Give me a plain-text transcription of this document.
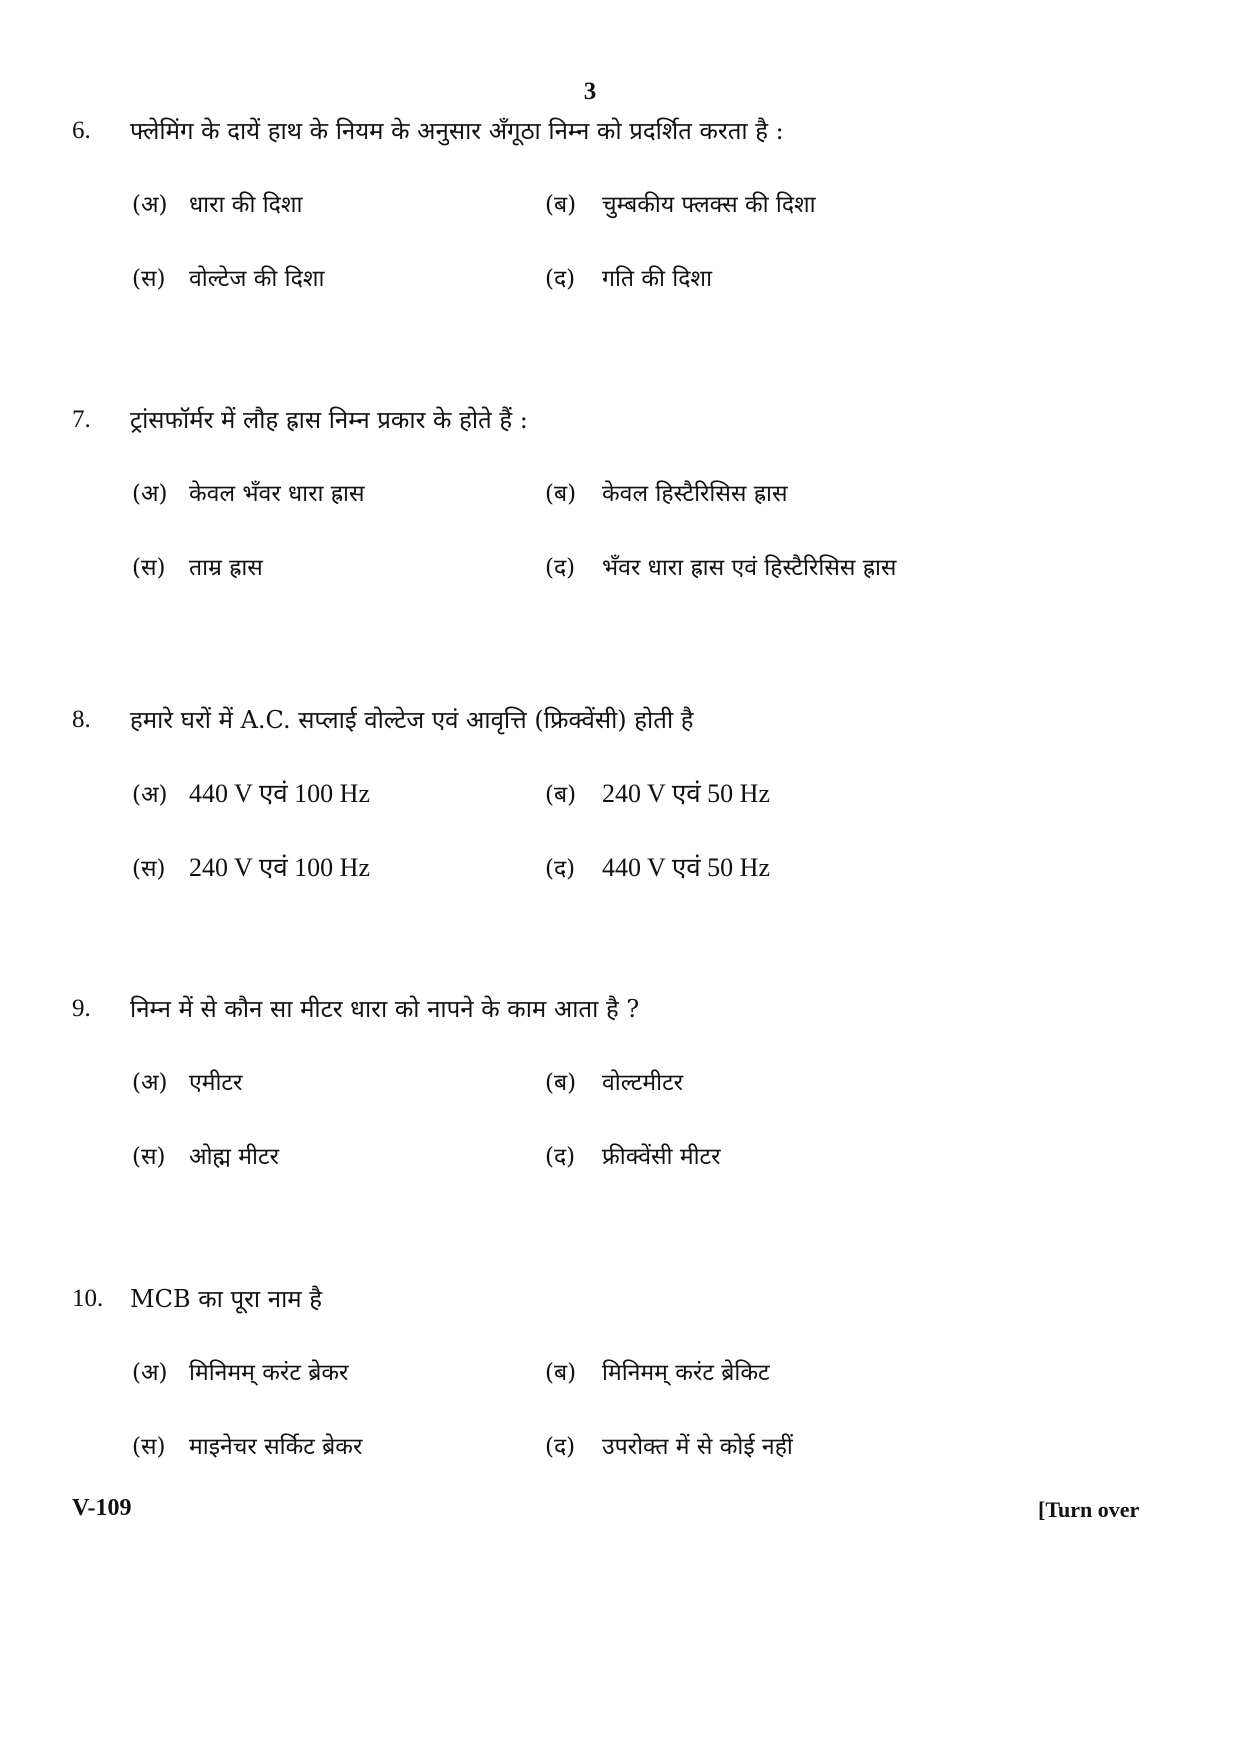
3
6. फ्लेमिंग के दायें हाथ के नियम के अनुसार अँगूठा निम्न को प्रदर्शित करता है :
(अ) धारा की दिशा	(ब) चुम्बकीय फ्लक्स की दिशा
(स) वोल्टेज की दिशा	(द) गति की दिशा
7. ट्रांसफॉर्मर में लौह ह्रास निम्न प्रकार के होते हैं :
(अ) केवल भँवर धारा ह्रास	(ब) केवल हिस्टैरिसिस ह्रास
(स) ताम्र ह्रास	(द) भँवर धारा ह्रास एवं हिस्टैरिसिस ह्रास
8. हमारे घरों में A.C. सप्लाई वोल्टेज एवं आवृत्ति (फ्रिक्वेंसी) होती है
(अ) 440 V एवं 100 Hz	(ब) 240 V एवं 50 Hz
(स) 240 V एवं 100 Hz	(द) 440 V एवं 50 Hz
9. निम्न में से कौन सा मीटर धारा को नापने के काम आता है ?
(अ) एमीटर	(ब) वोल्टमीटर
(स) ओह्म मीटर	(द) फ्रीक्वेंसी मीटर
10. MCB का पूरा नाम है
(अ) मिनिमम् करंट ब्रेकर	(ब) मिनिमम् करंट ब्रेकिट
(स) माइनेचर सर्किट ब्रेकर	(द) उपरोक्त में से कोई नहीं
V-109	[Turn over
